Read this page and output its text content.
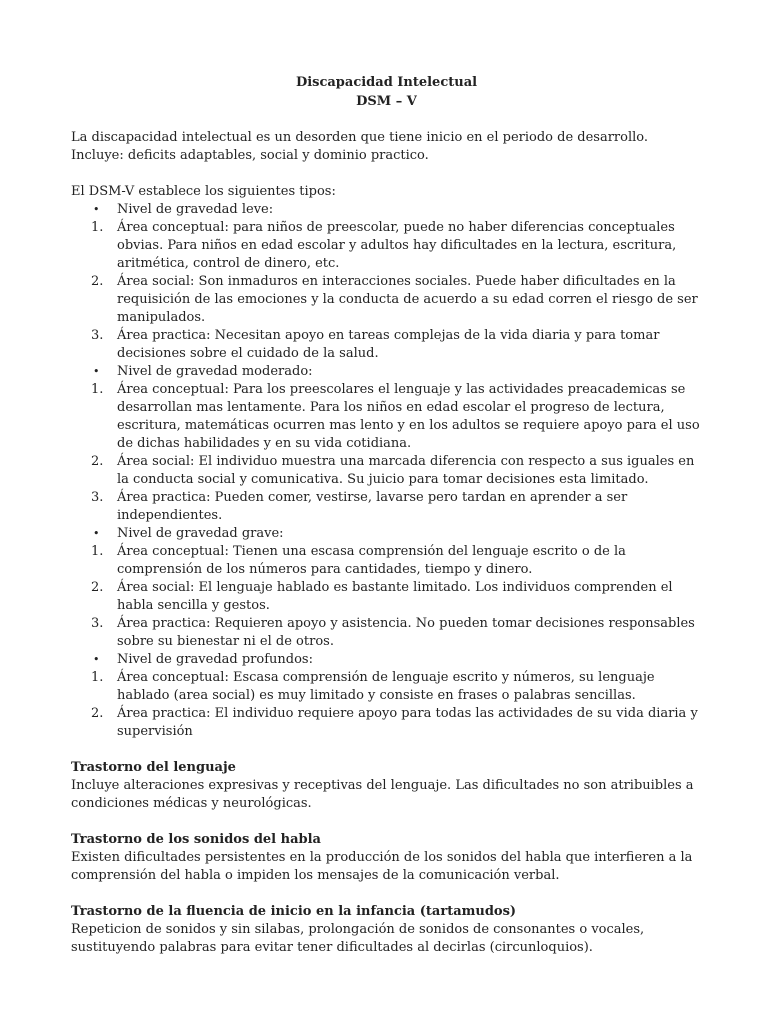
Discapacidad Intelectual
DSM – V

La discapacidad intelectual es un desorden que tiene inicio en el periodo de desarrollo.

Incluye: deficits adaptables, social y dominio practico.

El DSM-V establece los siguientes tipos:

•	Nivel de gravedad leve:
1.	Área conceptual: para niños de preescolar, puede no haber diferencias conceptuales obvias. Para niños en edad escolar y adultos hay dificultades en la lectura, escritura, aritmética, control de dinero, etc.
2.	Área social: Son inmaduros en interacciones sociales. Puede haber dificultades en la requisición de las emociones y la conducta de acuerdo a su edad corren el riesgo de ser manipulados.
3.	Área practica: Necesitan apoyo en tareas complejas de la vida diaria y para tomar decisiones sobre el cuidado de la salud.
•	Nivel de gravedad moderado:
1.	Área conceptual: Para los preescolares el lenguaje y las actividades preacademicas se desarrollan mas lentamente. Para los niños en edad escolar el progreso de lectura, escritura, matemáticas ocurren mas lento y en los adultos se requiere apoyo para el uso de dichas habilidades y en su vida cotidiana.
2.	Área social: El individuo muestra una marcada diferencia con respecto a sus iguales en la conducta social y comunicativa. Su juicio para tomar decisiones esta limitado.
3.	Área practica: Pueden comer, vestirse, lavarse pero tardan en aprender a ser independientes.
•	Nivel de gravedad grave:
1.	Área conceptual: Tienen una escasa comprensión del lenguaje escrito o de la comprensión de los números para cantidades, tiempo y dinero.
2.	Área social: El lenguaje hablado es bastante limitado. Los individuos comprenden el habla sencilla y gestos.
3.	Área practica: Requieren apoyo y asistencia. No pueden tomar decisiones responsables sobre su bienestar ni el de otros.
•	Nivel de gravedad profundos:
1.	Área conceptual: Escasa comprensión de lenguaje escrito y números, su lenguaje hablado (area social) es muy limitado y consiste en frases o palabras sencillas.
2.	Área practica: El individuo requiere apoyo para todas las actividades de su vida diaria y supervisión

Trastorno del lenguaje

Incluye alteraciones expresivas y receptivas del lenguaje. Las dificultades no son atribuibles a condiciones médicas y neurológicas.

Trastorno de los sonidos del habla

Existen dificultades persistentes en la producción de los sonidos del habla que interfieren a la comprensión del habla o impiden los mensajes de la comunicación verbal.

Trastorno de la fluencia de inicio en la infancia (tartamudos)

Repeticion de sonidos y sin silabas, prolongación de sonidos de consonantes o vocales, sustituyendo palabras para evitar tener dificultades al decirlas (circunloquios).
